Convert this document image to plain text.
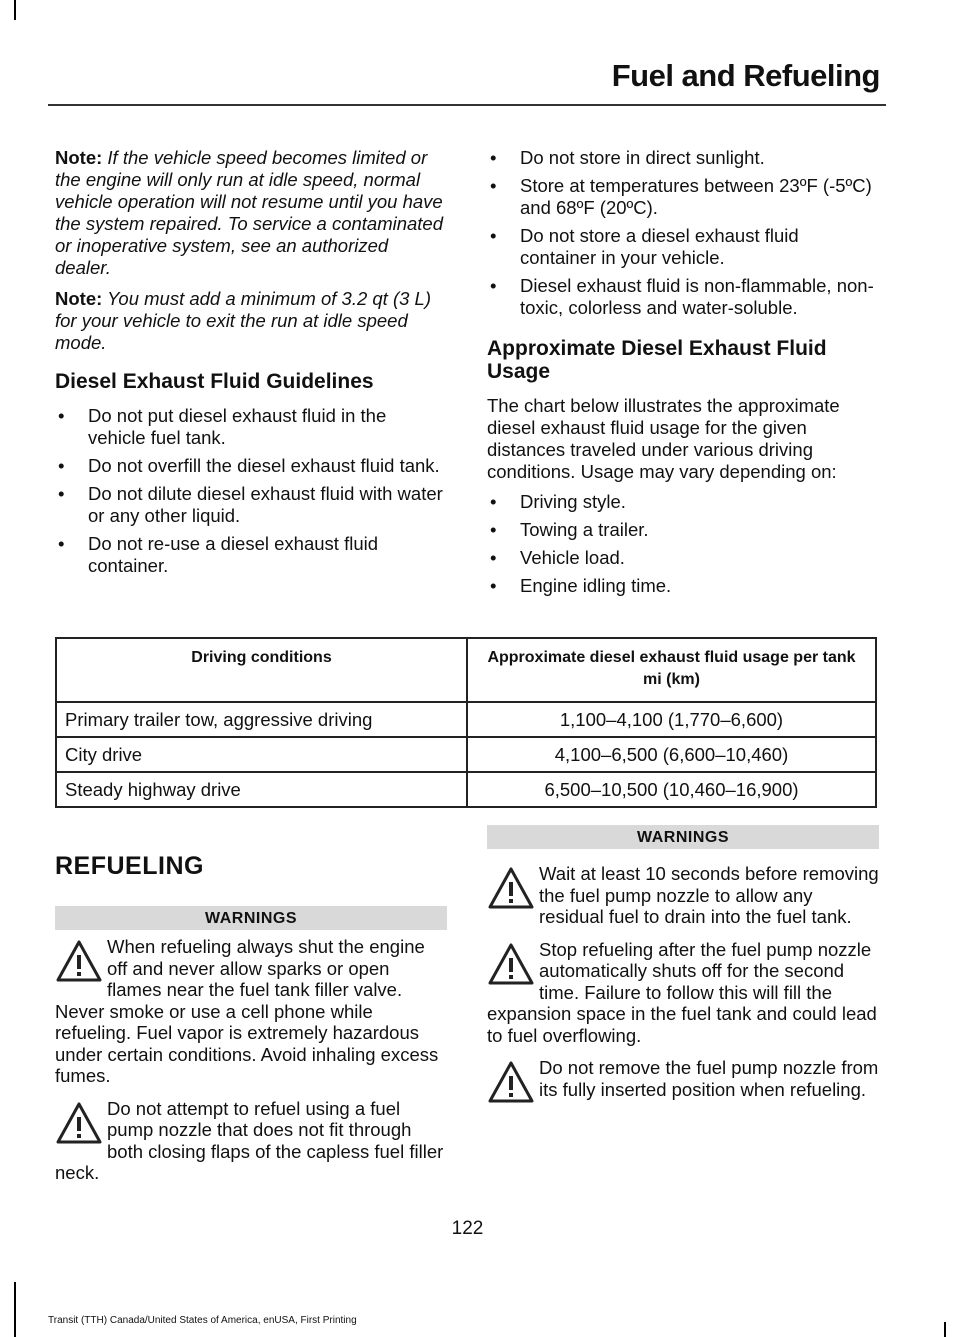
Fuel and Refueling

Note: If the vehicle speed becomes limited or the engine will only run at idle speed, normal vehicle operation will not resume until you have the system repaired. To service a contaminated or inoperative system, see an authorized dealer.

Note: You must add a minimum of 3.2 qt (3 L) for your vehicle to exit the run at idle speed mode.

Diesel Exhaust Fluid Guidelines
• Do not put diesel exhaust fluid in the vehicle fuel tank.
• Do not overfill the diesel exhaust fluid tank.
• Do not dilute diesel exhaust fluid with water or any other liquid.
• Do not re-use a diesel exhaust fluid container.
• Do not store in direct sunlight.
• Store at temperatures between 23ºF (-5ºC) and 68ºF (20ºC).
• Do not store a diesel exhaust fluid container in your vehicle.
• Diesel exhaust fluid is non-flammable, non-toxic, colorless and water-soluble.
Approximate Diesel Exhaust Fluid Usage

The chart below illustrates the approximate diesel exhaust fluid usage for the given distances traveled under various driving conditions. Usage may vary depending on:

• Driving style.
• Towing a trailer.
• Vehicle load.
• Engine idling time.
Driving conditions	Approximate diesel exhaust fluid usage per tank mi (km)
Primary trailer tow, aggressive driving	1,100–4,100 (1,770–6,600)
City drive	4,100–6,500 (6,600–10,460)
Steady highway drive	6,500–10,500 (10,460–16,900)
REFUELING
WARNINGS
When refueling always shut the engine off and never allow sparks or open flames near the fuel tank filler valve. Never smoke or use a cell phone while refueling. Fuel vapor is extremely hazardous under certain conditions. Avoid inhaling excess fumes.
Do not attempt to refuel using a fuel pump nozzle that does not fit through both closing flaps of the capless fuel filler neck.
WARNINGS
Wait at least 10 seconds before removing the fuel pump nozzle to allow any residual fuel to drain into the fuel tank.
Stop refueling after the fuel pump nozzle automatically shuts off for the second time. Failure to follow this will fill the expansion space in the fuel tank and could lead to fuel overflowing.
Do not remove the fuel pump nozzle from its fully inserted position when refueling.
122
Transit (TTH) Canada/United States of America, enUSA, First Printing
